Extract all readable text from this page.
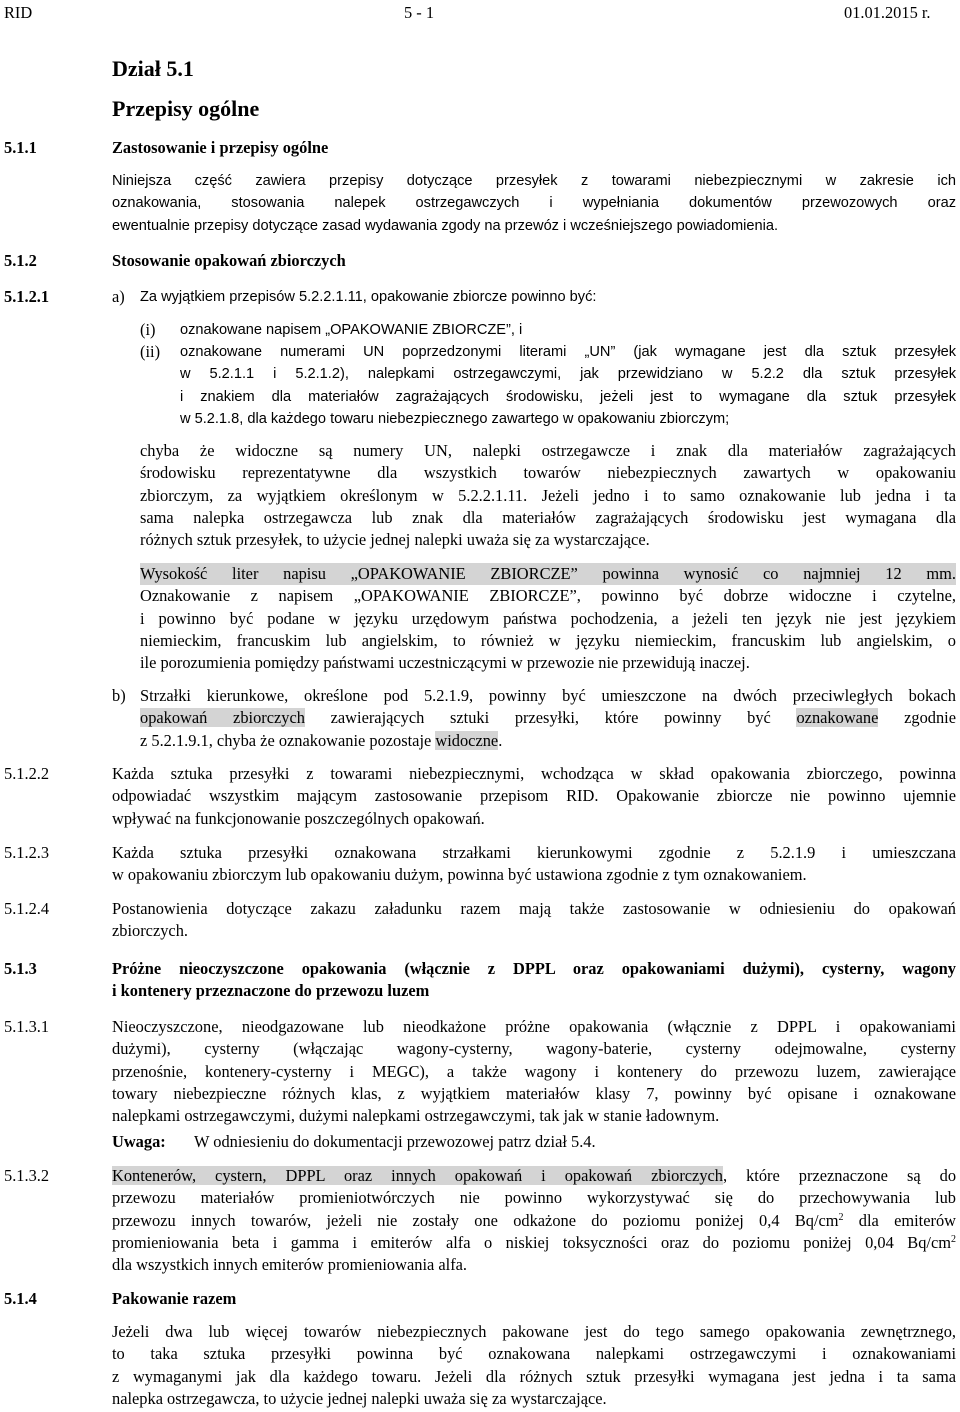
RID	5 - 1	01.01.2015 r.
Dział 5.1
Przepisy ogólne
5.1.1	Zastosowanie i przepisy ogólne
Niniejsza część zawiera przepisy dotyczące przesyłek z towarami niebezpiecznymi w zakresie ich
oznakowania, stosowania nalepek ostrzegawczych i wypełniania dokumentów przewozowych oraz
ewentualnie przepisy dotyczące zasad wydawania zgody na przewóz i wcześniejszego powiadomienia.
5.1.2	Stosowanie opakowań zbiorczych
5.1.2.1	a) Za wyjątkiem przepisów 5.2.2.1.11, opakowanie zbiorcze powinno być:
(i) oznakowane napisem „OPAKOWANIE ZBIORCZE”, i
(ii) oznakowane numerami UN poprzedzonymi literami „UN” (jak wymagane jest dla sztuk przesyłek
w 5.2.1.1 i 5.2.1.2), nalepkami ostrzegawczymi, jak przewidziano w 5.2.2 dla sztuk przesyłek
i znakiem dla materiałów zagrażających środowisku, jeżeli jest to wymagane dla sztuk przesyłek
w 5.2.1.8, dla każdego towaru niebezpiecznego zawartego w opakowaniu zbiorczym;
chyba że widoczne są numery UN, nalepki ostrzegawcze i znak dla materiałów zagrażających
środowisku reprezentatywne dla wszystkich towarów niebezpiecznych zawartych w opakowaniu
zbiorczym, za wyjątkiem określonym w 5.2.2.1.11. Jeżeli jedno i to samo oznakowanie lub jedna i ta
sama nalepka ostrzegawcza lub znak dla materiałów zagrażających środowisku jest wymagana dla
różnych sztuk przesyłek, to użycie jednej nalepki uważa się za wystarczające.
Wysokość liter napisu „OPAKOWANIE ZBIORCZE” powinna wynosić co najmniej 12 mm.
Oznakowanie z napisem „OPAKOWANIE ZBIORCZE”, powinno być dobrze widoczne i czytelne,
i powinno być podane w języku urzędowym państwa pochodzenia, a jeżeli ten język nie jest językiem
niemieckim, francuskim lub angielskim, to również w języku niemieckim, francuskim lub angielskim, o
ile porozumienia pomiędzy państwami uczestniczącymi w przewozie nie przewidują inaczej.
b) Strzałki kierunkowe, określone pod 5.2.1.9, powinny być umieszczone na dwóch przeciwległych bokach
opakowań zbiorczych zawierających sztuki przesyłki, które powinny być oznakowane zgodnie
z 5.2.1.9.1, chyba że oznakowanie pozostaje widoczne.
5.1.2.2	Każda sztuka przesyłki z towarami niebezpiecznymi, wchodząca w skład opakowania zbiorczego, powinna
odpowiadać wszystkim mającym zastosowanie przepisom RID. Opakowanie zbiorcze nie powinno ujemnie
wpływać na funkcjonowanie poszczególnych opakowań.
5.1.2.3	Każda sztuka przesyłki oznakowana strzałkami kierunkowymi zgodnie z 5.2.1.9 i umieszczana
w opakowaniu zbiorczym lub opakowaniu dużym, powinna być ustawiona zgodnie z tym oznakowaniem.
5.1.2.4	Postanowienia dotyczące zakazu załadunku razem mają także zastosowanie w odniesieniu do opakowań
zbiorczych.
5.1.3	Próżne nieoczyszczone opakowania (włącznie z DPPL oraz opakowaniami dużymi), cysterny, wagony
i kontenery przeznaczone do przewozu luzem
5.1.3.1	Nieoczyszczone, nieodgazowane lub nieodkażone próżne opakowania (włącznie z DPPL i opakowaniami
dużymi), cysterny (włączając wagony-cysterny, wagony-baterie, cysterny odejmowalne, cysterny
przenośnie, kontenery-cysterny i MEGC), a także wagony i kontenery do przewozu luzem, zawierające
towary niebezpieczne różnych klas, z wyjątkiem materiałów klasy 7, powinny być opisane i oznakowane
nalepkami ostrzegawczymi, dużymi nalepkami ostrzegawczymi, tak jak w stanie ładownym.
Uwaga: W odniesieniu do dokumentacji przewozowej patrz dział 5.4.
5.1.3.2	Kontenerów, cystern, DPPL oraz innych opakowań i opakowań zbiorczych, które przeznaczone są do
przewozu materiałów promieniotwórczych nie powinno wykorzystywać się do przechowywania lub
przewozu innych towarów, jeżeli nie zostały one odkażone do poziomu poniżej 0,4 $Bq/cm^2$ dla emiterów
promieniowania beta i gamma i emiterów alfa o niskiej toksyczności oraz do poziomu poniżej 0,04 $Bq/cm^2$
dla wszystkich innych emiterów promieniowania alfa.
5.1.4	Pakowanie razem
Jeżeli dwa lub więcej towarów niebezpiecznych pakowane jest do tego samego opakowania zewnętrznego,
to taka sztuka przesyłki powinna być oznakowana nalepkami ostrzegawczymi i oznakowaniami
z wymaganymi jak dla każdego towaru. Jeżeli dla różnych sztuk przesyłki wymagana jest jedna i ta sama
nalepka ostrzegawcza, to użycie jednej nalepki uważa się za wystarczające.
